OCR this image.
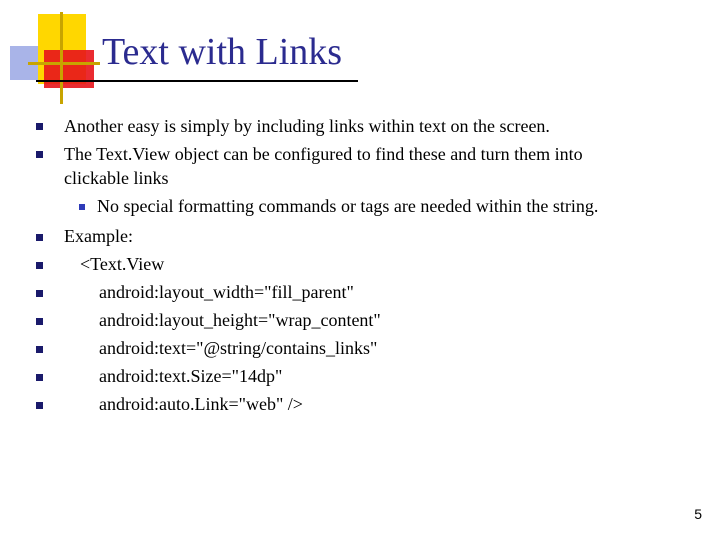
Text with Links
Another easy is simply by including links within text on the screen.
The Text.View object can be configured to find these and turn them into
clickable links
No special formatting commands or tags are needed within the string.
Example:
<Text.View
android:layout_width="fill_parent"
android:layout_height="wrap_content"
android:text="@string/contains_links"
android:text.Size="14dp"
android:auto.Link="web" />
5
